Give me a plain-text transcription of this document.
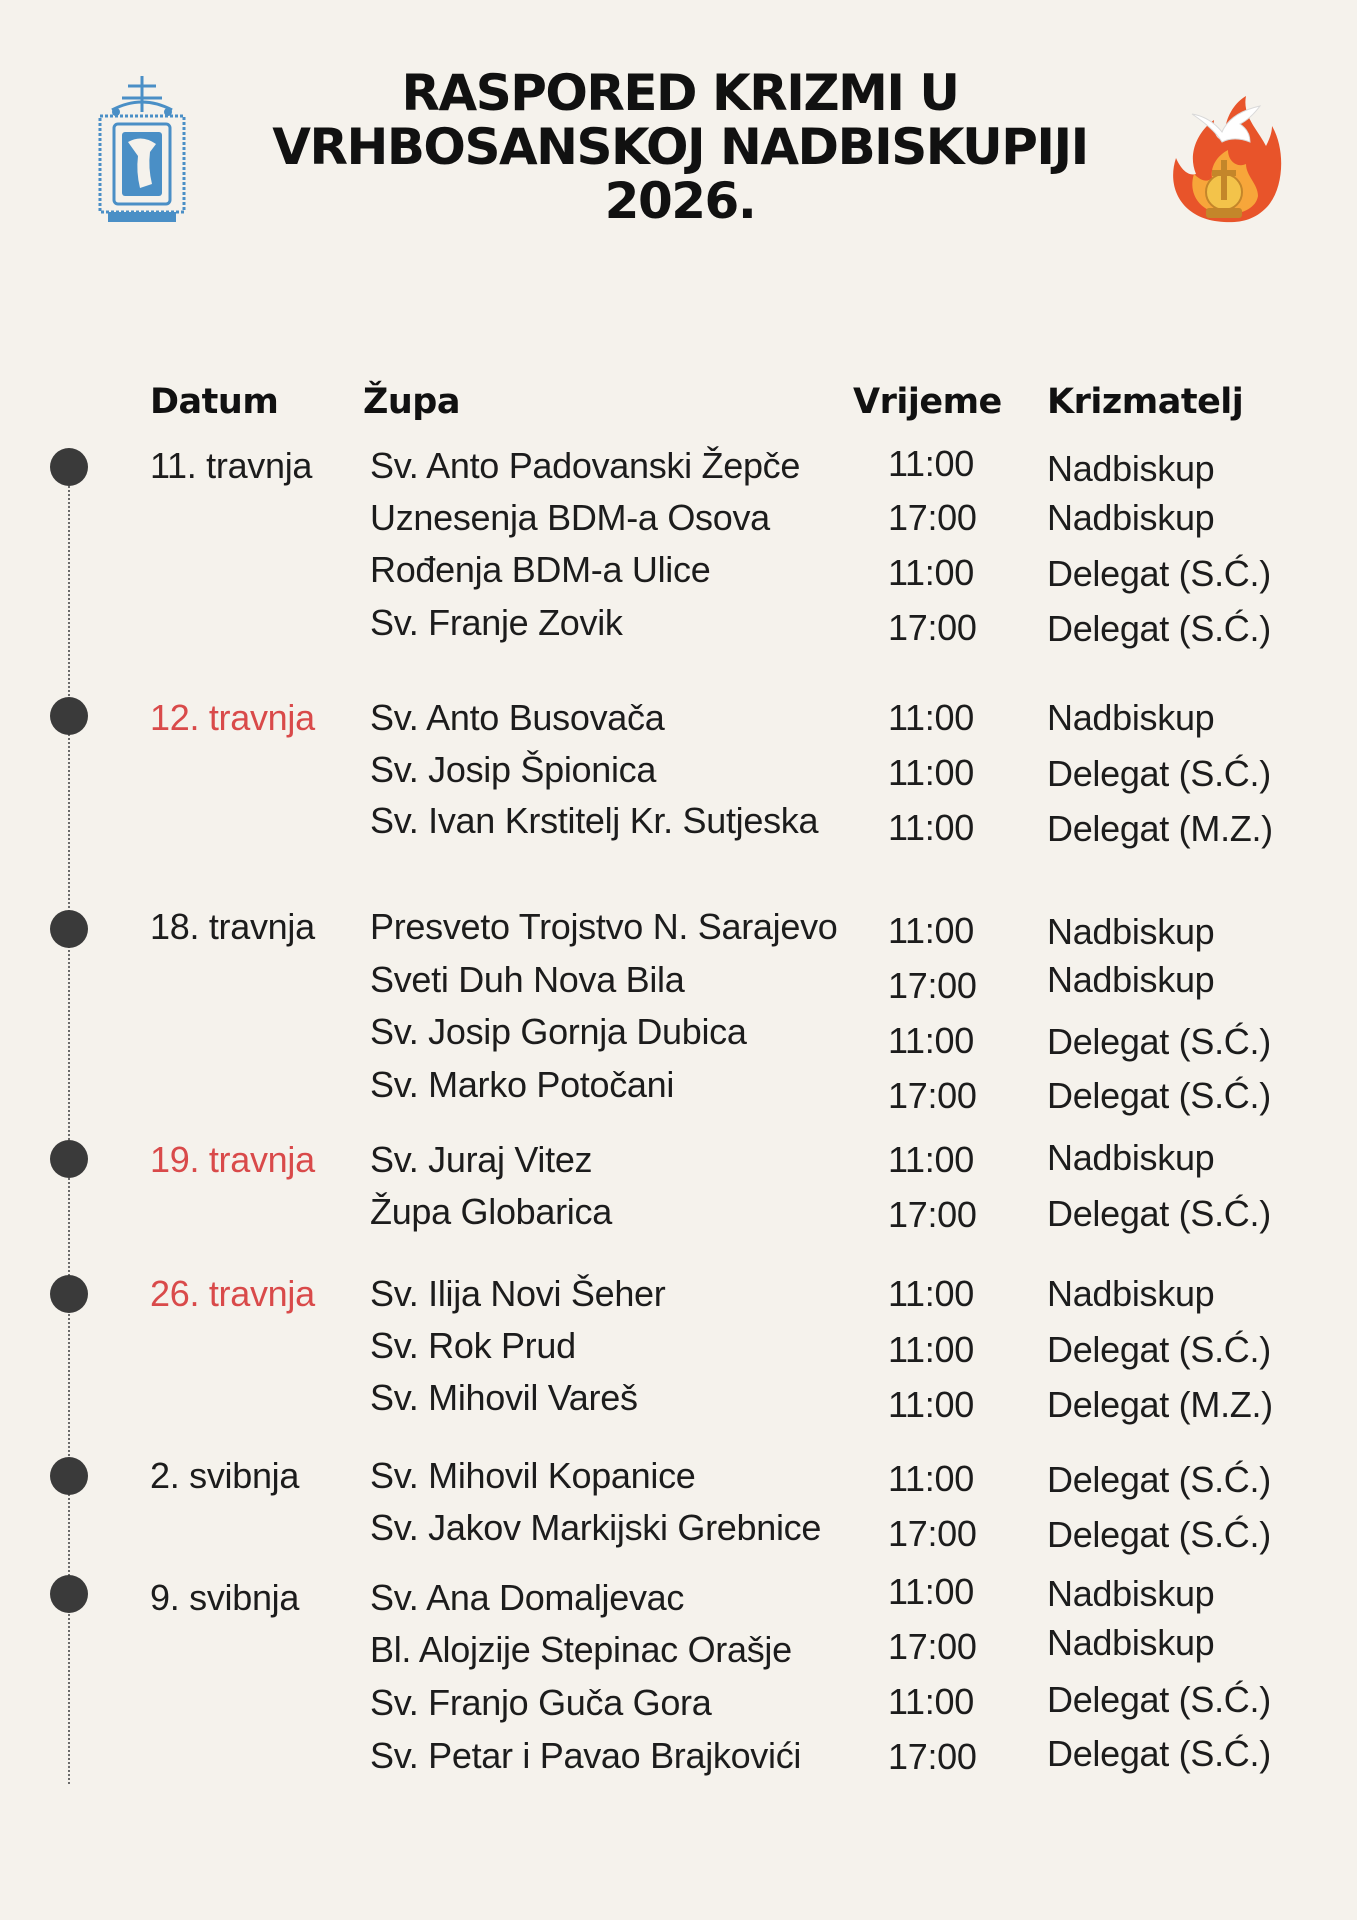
RASPORED KRIZMI U
VRHBOSANSKOJ NADBISKUPIJI
2026.
Datum Župa	Vrijeme Krizmatelj
11. travnja Sv. Anto Padovanski Žepče 11:00 Nadbiskup
Uznesenja BDM-a Osova	17:00 Nadbiskup
Rođenja BDM-a Ulice	11:00 Delegat (S.Ć.)
Sv. Franje Zovik	17:00 Delegat (S.Ć.)
12. travnja Sv. Anto Busovača	11:00 Nadbiskup
Sv. Josip Špionica	11:00 Delegat (S.Ć.)
Sv. Ivan Krstitelj Kr. Sutjeska 11:00 Delegat (M.Z.)
18. travnja Presveto Trojstvo N. Sarajevo 11:00 Nadbiskup
Sveti Duh Nova Bila	17:00 Nadbiskup
Sv. Josip Gornja Dubica	11:00 Delegat (S.Ć.)
Sv. Marko Potočani	17:00 Delegat (S.Ć.)
19. travnja Sv. Juraj Vitez	11:00 Nadbiskup
Župa Globarica	17:00 Delegat (S.Ć.)
26. travnja Sv. Ilija Novi Šeher	11:00 Nadbiskup
Sv. Rok Prud	11:00 Delegat (S.Ć.)
Sv. Mihovil Vareš	11:00 Delegat (M.Z.)
2. svibnja Sv. Mihovil Kopanice	11:00 Delegat (S.Ć.)
Sv. Jakov Markijski Grebnice 17:00 Delegat (S.Ć.)
9. svibnja Sv. Ana Domaljevac	11:00 Nadbiskup
Bl. Alojzije Stepinac Orašje	17:00 Nadbiskup
Sv. Franjo Guča Gora	11:00 Delegat (S.Ć.)
Sv. Petar i Pavao Brajkovići 17:00 Delegat (S.Ć.)
